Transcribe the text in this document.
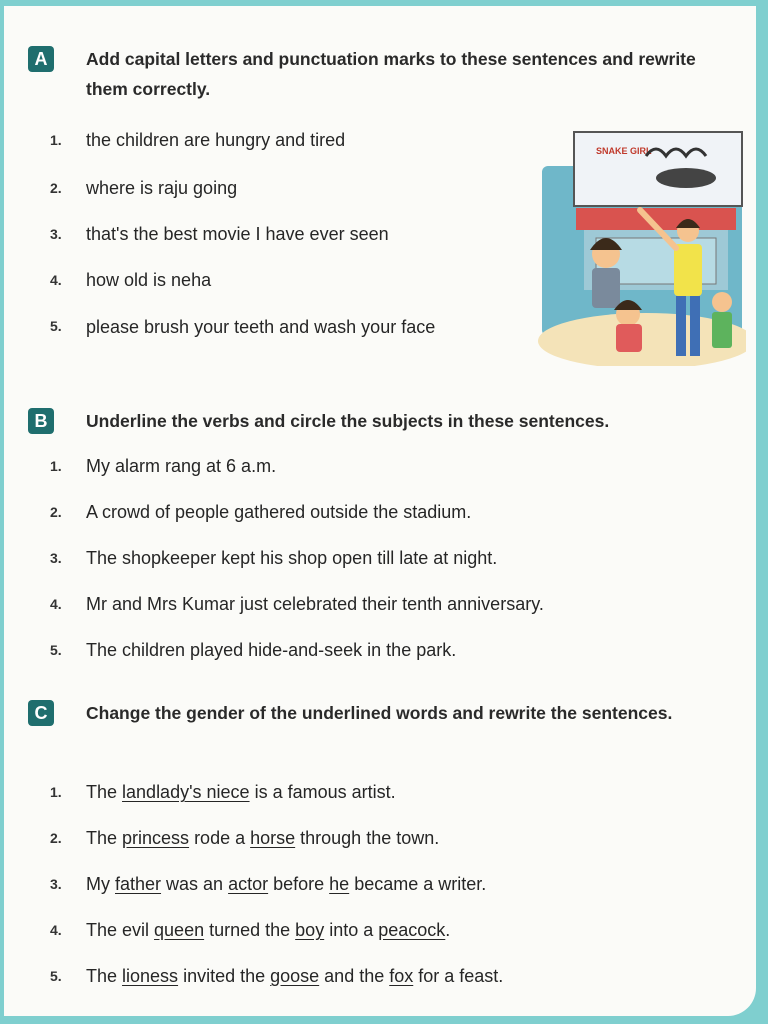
A	Add capital letters and punctuation marks to these sentences and rewrite them correctly.
1.	the children are hungry and tired
2.	where is raju going
3.	that's the best movie I have ever seen
4.	how old is neha
5.	please brush your teeth and wash your face
SNAKE GIRL
B	Underline the verbs and circle the subjects in these sentences.
1.	My alarm rang at 6 a.m.
2.	A crowd of people gathered outside the stadium.
3.	The shopkeeper kept his shop open till late at night.
4.	Mr and Mrs Kumar just celebrated their tenth anniversary.
5.	The children played hide-and-seek in the park.
C	Change the gender of the underlined words and rewrite the sentences.
1.	The landlady's niece is a famous artist.
2.	The princess rode a horse through the town.
3.	My father was an actor before he became a writer.
4.	The evil queen turned the boy into a peacock.
5.	The lioness invited the goose and the fox for a feast.
